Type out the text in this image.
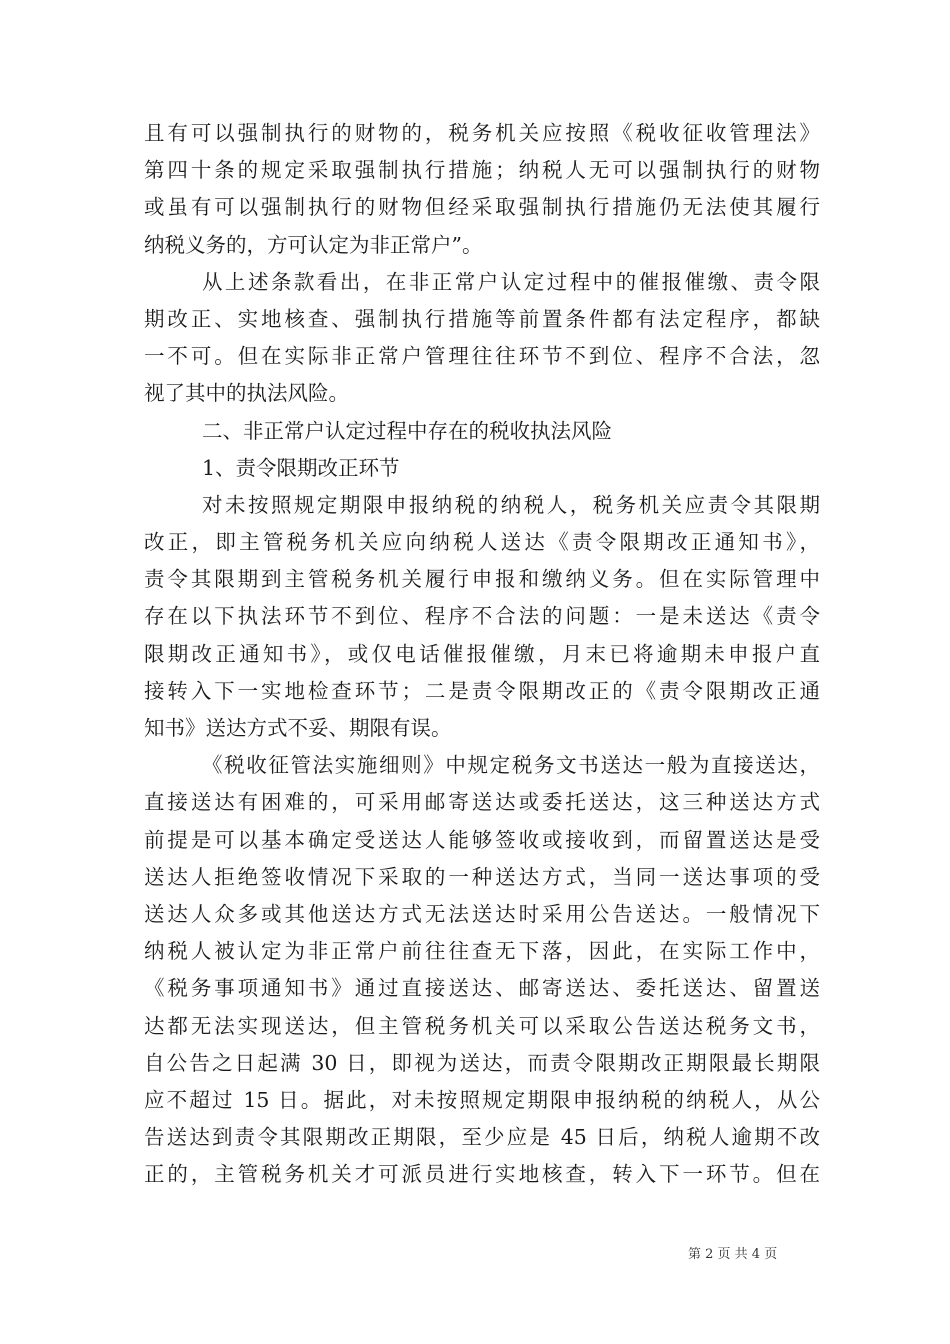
且有可以强制执行的财物的，税务机关应按照《税收征收管理法》
第四十条的规定采取强制执行措施；纳税人无可以强制执行的财物
或虽有可以强制执行的财物但经采取强制执行措施仍无法使其履行
纳税义务的，方可认定为非正常户”。
从上述条款看出，在非正常户认定过程中的催报催缴、责令限
期改正、实地核查、强制执行措施等前置条件都有法定程序，都缺
一不可。但在实际非正常户管理往往环节不到位、程序不合法，忽
视了其中的执法风险。
二、非正常户认定过程中存在的税收执法风险
1、责令限期改正环节
对未按照规定期限申报纳税的纳税人，税务机关应责令其限期
改正，即主管税务机关应向纳税人送达《责令限期改正通知书》，
责令其限期到主管税务机关履行申报和缴纳义务。但在实际管理中
存在以下执法环节不到位、程序不合法的问题：一是未送达《责令
限期改正通知书》，或仅电话催报催缴，月末已将逾期未申报户直
接转入下一实地检查环节；二是责令限期改正的《责令限期改正通
知书》送达方式不妥、期限有误。
《税收征管法实施细则》中规定税务文书送达一般为直接送达，
直接送达有困难的，可采用邮寄送达或委托送达，这三种送达方式
前提是可以基本确定受送达人能够签收或接收到，而留置送达是受
送达人拒绝签收情况下采取的一种送达方式，当同一送达事项的受
送达人众多或其他送达方式无法送达时采用公告送达。一般情况下
纳税人被认定为非正常户前往往查无下落，因此，在实际工作中，
《税务事项通知书》通过直接送达、邮寄送达、委托送达、留置送
达都无法实现送达，但主管税务机关可以采取公告送达税务文书，
自公告之日起满 30 日，即视为送达，而责令限期改正期限最长期限
应不超过 15 日。据此，对未按照规定期限申报纳税的纳税人，从公
告送达到责令其限期改正期限，至少应是 45 日后，纳税人逾期不改
正的，主管税务机关才可派员进行实地核查，转入下一环节。但在
第 2 页 共 4 页
